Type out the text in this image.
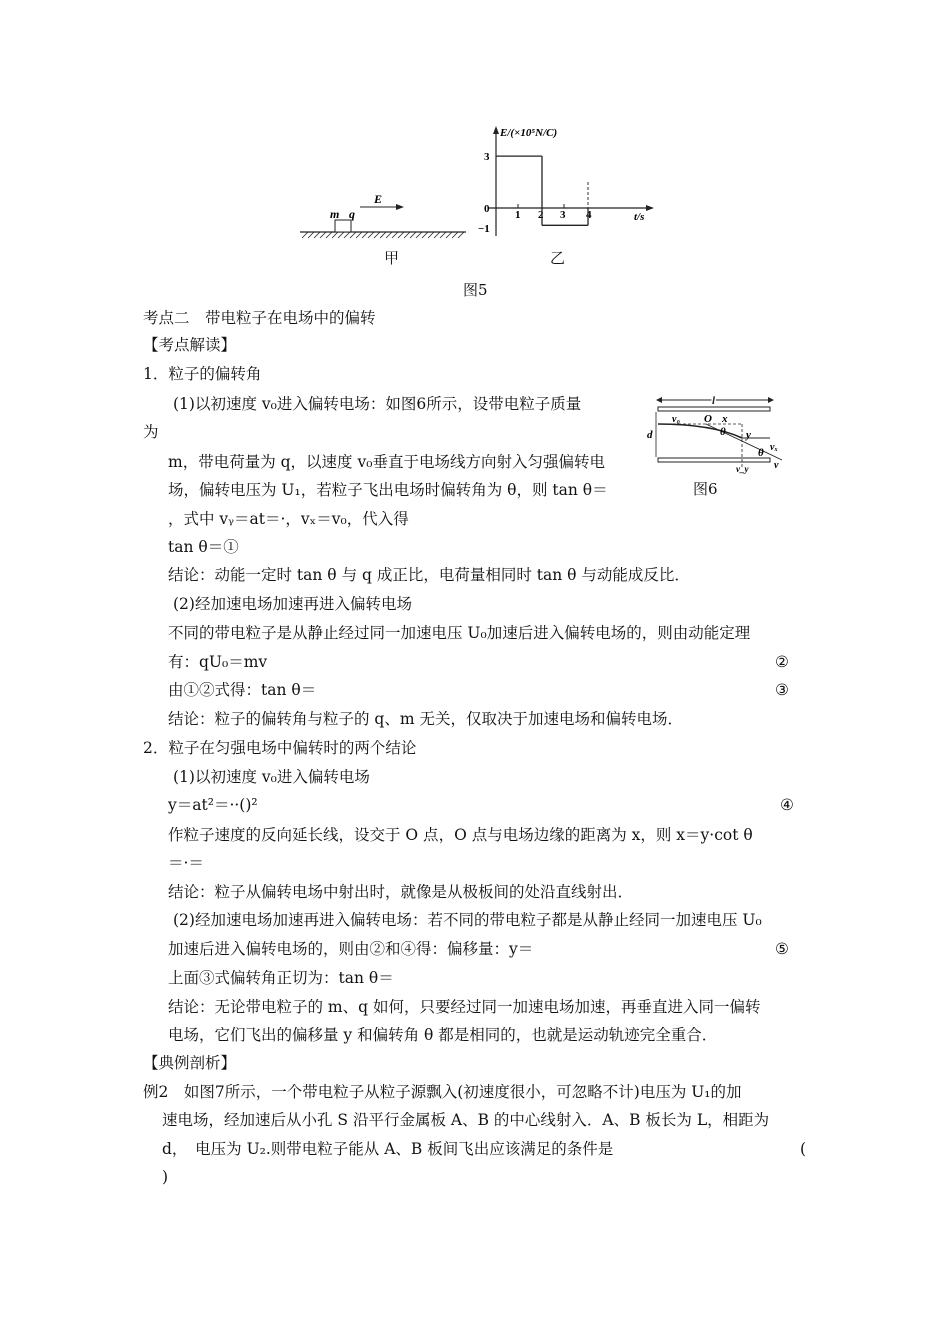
m q
E
甲
E/(×10⁵N/C)
t/s
3
0
−1
1 2 3 4
乙
图5
l
d
v₀ O x
θ y
vₓ
θ
v
v_y
图6
考点二　带电粒子在电场中的偏转
【考点解读】
1．粒子的偏转角
(1)以初速度 v₀进入偏转电场：如图6所示，设带电粒子质量
为
m，带电荷量为 q，以速度 v₀垂直于电场线方向射入匀强偏转电
场，偏转电压为 U₁，若粒子飞出电场时偏转角为 θ，则 tan θ＝
，式中 vᵧ＝at＝·，vₓ＝v₀，代入得
tan θ＝①
结论：动能一定时 tan θ 与 q 成正比，电荷量相同时 tan θ 与动能成反比．
(2)经加速电场加速再进入偏转电场
不同的带电粒子是从静止经过同一加速电压 U₀加速后进入偏转电场的，则由动能定理
有：qU₀＝mv	②
由①②式得：tan θ＝	③
结论：粒子的偏转角与粒子的 q、m 无关，仅取决于加速电场和偏转电场．
2．粒子在匀强电场中偏转时的两个结论
(1)以初速度 v₀进入偏转电场
y＝at²＝··()²	④
作粒子速度的反向延长线，设交于 O 点，O 点与电场边缘的距离为 x，则 x＝y·cot θ
＝·＝
结论：粒子从偏转电场中射出时，就像是从极板间的处沿直线射出．
(2)经加速电场加速再进入偏转电场：若不同的带电粒子都是从静止经同一加速电压 U₀
加速后进入偏转电场的，则由②和④得：偏移量：y＝	⑤
上面③式偏转角正切为：tan θ＝
结论：无论带电粒子的 m、q 如何，只要经过同一加速电场加速，再垂直进入同一偏转
电场，它们飞出的偏移量 y 和偏转角 θ 都是相同的，也就是运动轨迹完全重合．
【典例剖析】
例2　如图7所示，一个带电粒子从粒子源飘入(初速度很小，可忽略不计)电压为 U₁的加
速电场，经加速后从小孔 S 沿平行金属板 A、B 的中心线射入．A、B 板长为 L，相距为
d，　电压为 U₂.则带电粒子能从 A、B 板间飞出应该满足的条件是	(
)
